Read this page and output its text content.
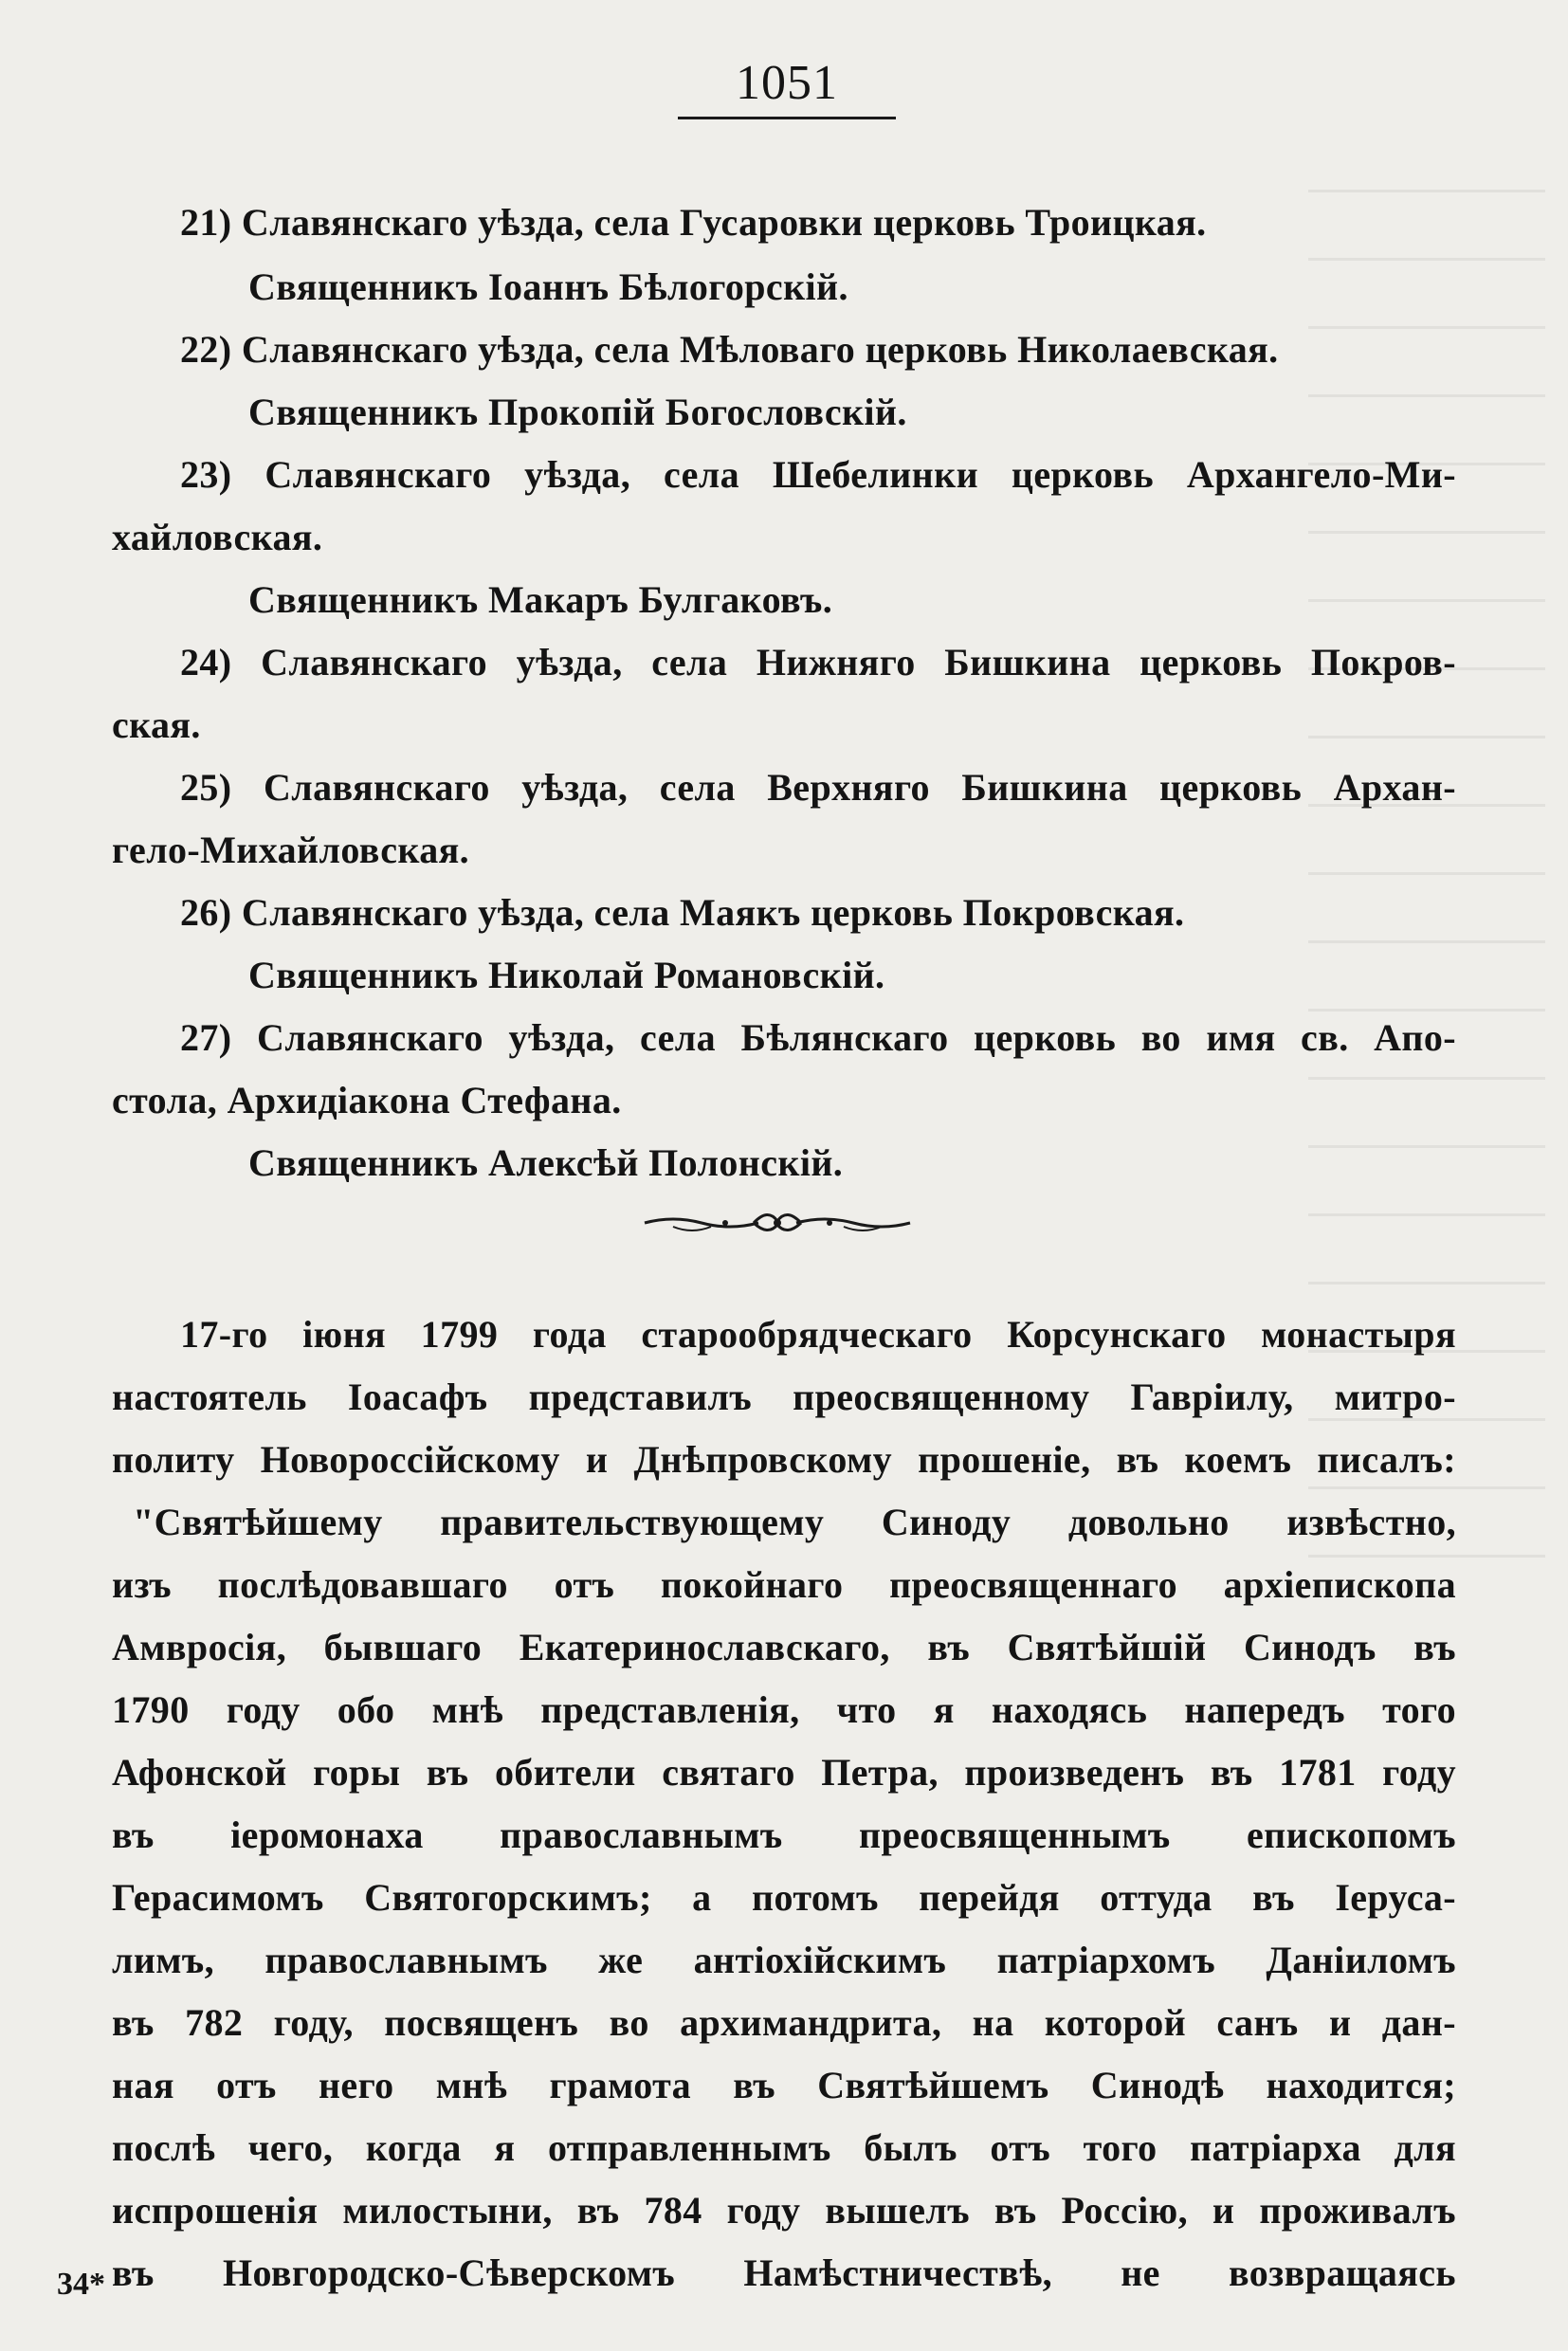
1051
21) Славянскаго уѣзда, села Гусаровки церковь Троицкая.
Священникъ Іоаннъ Бѣлогорскій.
22) Славянскаго уѣзда, села Мѣловаго церковь Николаевская.
Священникъ Прокопій Богословскій.
23) Славянскаго уѣзда, села Шебелинки церковь Архангело-Ми-
хайловская.
Священникъ Макаръ Булгаковъ.
24) Славянскаго уѣзда, села Нижняго Бишкина церковь Покров-
ская.
25) Славянскаго уѣзда, села Верхняго Бишкина церковь Архан-
гело-Михайловская.
26) Славянскаго уѣзда, села Маякъ церковь Покровская.
Священникъ Николай Романовскій.
27) Славянскаго уѣзда, села Бѣлянскаго церковь во имя св. Апо-
стола, Архидіакона Стефана.
Священникъ Алексѣй Полонскій.
17-го іюня 1799 года старообрядческаго Корсунскаго монастыря
настоятель Іоасафъ представилъ преосвященному Гавріилу, митро-
политу Новороссійскому и Днѣпровскому прошеніе, въ коемъ писалъ:
"Святѣйшему правительствующему Синоду довольно извѣстно,
изъ послѣдовавшаго отъ покойнаго преосвященнаго архіепископа
Амвросія, бывшаго Екатеринославскаго, въ Святѣйшій Синодъ въ
1790 году обо мнѣ представленія, что я находясь напередъ того
Афонской горы въ обители святаго Петра, произведенъ въ 1781 году
въ іеромонаха православнымъ преосвященнымъ епископомъ
Герасимомъ Святогорскимъ; а потомъ перейдя оттуда въ Іерусa-
лимъ, православнымъ же антіохійскимъ патріархомъ Даніиломъ
въ 782 году, посвященъ во архимандрита, на которой санъ и дан-
ная отъ него мнѣ грамота въ Святѣйшемъ Синодѣ находится;
послѣ чего, когда я отправленнымъ былъ отъ того патріарха для
испрошенія милостыни, въ 784 году вышелъ въ Россію, и проживалъ
въ Новгородско-Сѣверскомъ Намѣстничествѣ, не возвращаясь
34*
